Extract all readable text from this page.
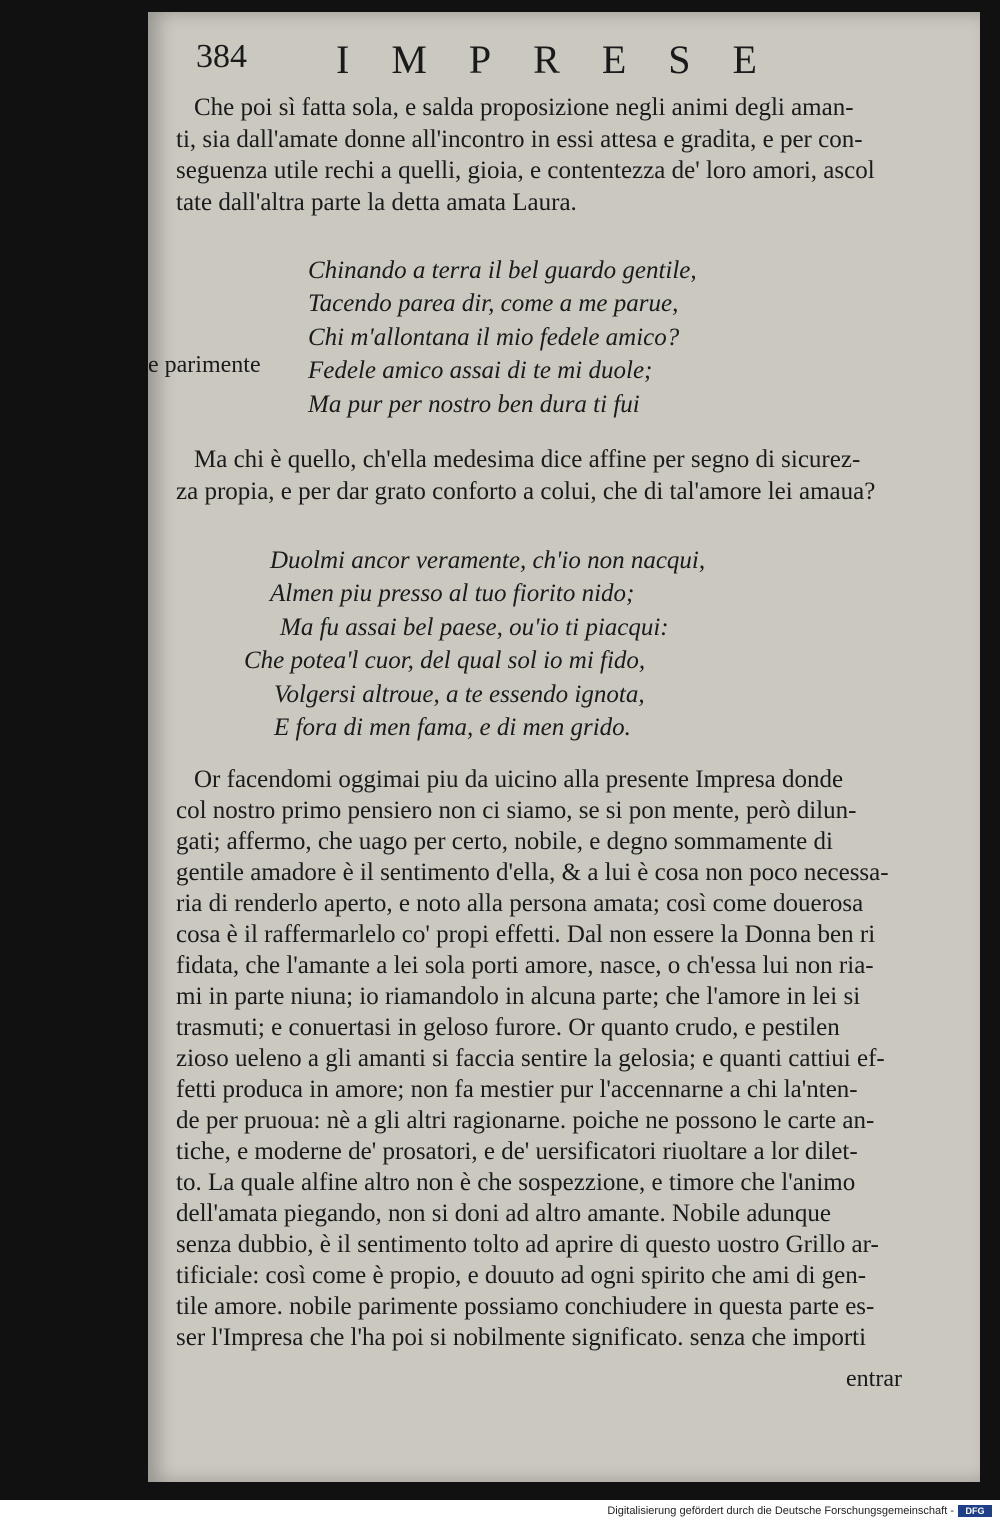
384 IMPRESE
Che poi sì fatta sola, e salda proposizione negli animi degli aman-
ti, sia dall'amate donne all'incontro in essi attesa e gradita, e per con-
seguenza utile rechi a quelli, gioia, e contentezza de' loro amori, ascol
tate dall'altra parte la detta amata Laura.
Chinando a terra il bel guardo gentile,
Tacendo parea dir, come a me parue,
Chi m'allontana il mio fedele amico?
Fedele amico assai di te mi duole;
Ma pur per nostro ben dura ti fui
e parimente
Ma chi è quello, ch'ella medesima dice affine per segno di sicurez-
za propia, e per dar grato conforto a colui, che di tal'amore lei amaua?
Duolmi ancor veramente, ch'io non nacqui,
Almen piu presso al tuo fiorito nido;
Ma fu assai bel paese, ou'io ti piacqui:
Che potea'l cuor, del qual sol io mi fido,
Volgersi altroue, a te essendo ignota,
E fora di men fama, e di men grido.
Or facendomi oggimai piu da uicino alla presente Impresa donde
col nostro primo pensiero non ci siamo, se si pon mente, però dilun-
gati; affermo, che uago per certo, nobile, e degno sommamente di
gentile amadore è il sentimento d'ella, & a lui è cosa non poco necessa-
ria di renderlo aperto, e noto alla persona amata; così come douerosa
cosa è il raffermarlelo co' propi effetti. Dal non essere la Donna ben ri
fidata, che l'amante a lei sola porti amore, nasce, o ch'essa lui non ria-
mi in parte niuna; io riamandolo in alcuna parte; che l'amore in lei si
trasmuti; e conuertasi in geloso furore. Or quanto crudo, e pestilen
zioso ueleno a gli amanti si faccia sentire la gelosia; e quanti cattiui ef-
fetti produca in amore; non fa mestier pur l'accennarne a chi la'nten-
de per pruoua: nè a gli altri ragionarne. poiche ne possono le carte an-
tiche, e moderne de' prosatori, e de' uersificatori riuoltare a lor dilet-
to. La quale alfine altro non è che sospezzione, e timore che l'animo
dell'amata piegando, non si doni ad altro amante. Nobile adunque
senza dubbio, è il sentimento tolto ad aprire di questo uostro Grillo ar-
tificiale: così come è propio, e douuto ad ogni spirito che ami di gen-
tile amore. nobile parimente possiamo conchiudere in questa parte es-
ser l'Impresa che l'ha poi si nobilmente significato. senza che importi
entrar
Digitalisierung gefördert durch die Deutsche Forschungsgemeinschaft -	DFG
